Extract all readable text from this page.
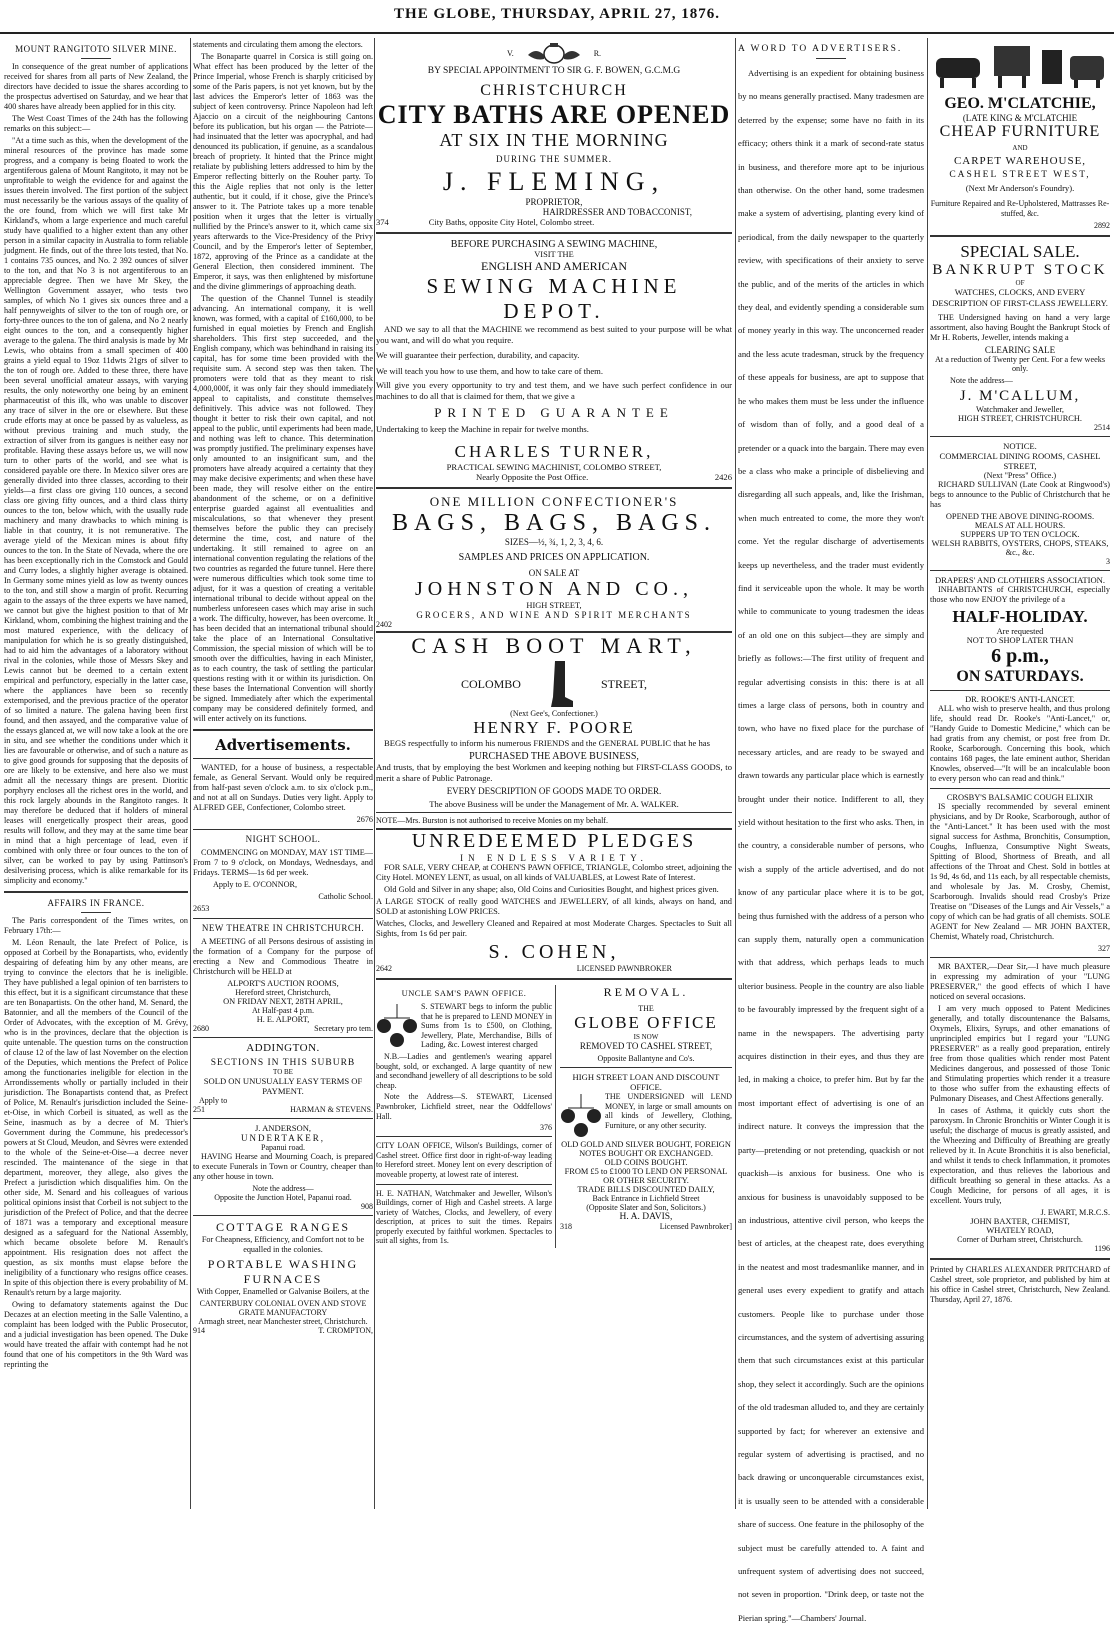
THE GLOBE, THURSDAY, APRIL 27, 1876.
MOUNT RANGITOTO SILVER MINE.

In consequence of the great number of applications received for shares from all parts of New Zealand, the directors have decided to issue the shares according to the prospectus advertised on Saturday, and we hear that 400 shares have already been applied for in this city.

The West Coast Times of the 24th has the following remarks on this subject:—

"At a time such as this, when the development of the mineral resources of the province has made some progress, and a company is being floated to work the argentiferous galena of Mount Rangitoto, it may not be unprofitable to weigh the evidence for and against the issues therein involved. The first portion of the subject must necessarily be the various assays of the quality of the ore found, from which we will first take Mr Kirkland's, whom a large experience and much careful study have qualified to a higher extent than any other person in a similar capacity in Australia to form reliable judgment. He finds, out of the three lots tested, that No. 1 contains 735 ounces, and No. 2 392 ounces of silver to the ton, and that No 3 is not argentiferous to an appreciable degree. Then we have Mr Skey, the Wellington Government assayer, who tests two samples, of which No 1 gives six ounces three and a half pennyweights of silver to the ton of rough ore, or forty-three ounces to the ton of galena, and No 2 nearly eight ounces to the ton, and a consequently higher average to the galena. The third analysis is made by Mr Lewis, who obtains from a small specimen of 400 grains a yield equal to 19oz 11dwts 21grs of silver to the ton of rough ore. Added to these three, there have been several unofficial amateur assays, with varying results, the only noteworthy one being by an eminent pharmaceutist of this ilk, who was unable to discover any trace of silver in the ore or elsewhere. But these crude efforts may at once be passed by as valueless, as without previous training and much study, the extraction of silver from its gangues is neither easy nor profitable. Having these assays before us, we will now turn to other parts of the world, and see what is considered payable ore there. In Mexico silver ores are generally divided into three classes, according to their yields—a first class ore giving 110 ounces, a second class ore giving fifty ounces, and a third class thirty ounces to the ton, below which, with the usually rude machinery and many drawbacks to which mining is liable in that country, it is not remunerative. The average yield of the Mexican mines is about fifty ounces to the ton. In the State of Nevada, where the ore has been exceptionally rich in the Comstock and Gould and Curry lodes, a slightly higher average is obtained. In Germany some mines yield as low as twenty ounces to the ton, and still show a margin of profit. Recurring again to the assays of the three experts we have named, we cannot but give the highest position to that of Mr Kirkland, whom, combining the highest training and the most matured experience, with the delicacy of manipulation for which he is so greatly distinguished, had to aid him the advantages of a laboratory without rival in the colonies, while those of Messrs Skey and Lewis cannot but be deemed to a certain extent empirical and perfunctory, especially in the latter case, where the appliances have been so recently extemporised, and the previous practice of the operator of so limited a nature. The galena having been first found, and then assayed, and the comparative value of the essays glanced at, we will now take a look at the ore in situ, and see whether the conditions under which it lies are favourable or otherwise, and of such a nature as to give good grounds for supposing that the deposits of ore are likely to be extensive, and here also we must admit all the necessary things are present. Dioritic porphyry encloses all the richest ores in the world, and this rock largely abounds in the Rangitoto ranges. It may therefore be deduced that if holders of mineral leases will energetically prospect their areas, good results will follow, and they may at the same time bear in mind that a high percentage of lead, even if combined with only three or four ounces to the ton of silver, can be worked to pay by using Pattinson's desilverising process, which is alike remarkable for its simplicity and economy."

AFFAIRS IN FRANCE.

The Paris correspondent of the Times writes, on February 17th:—

M. Léon Renault, the late Prefect of Police, is opposed at Corbeil by the Bonapartists, who, evidently despairing of defeating him by any other means, are trying to convince the electors that he is ineligible. They have published a legal opinion of ten barristers to this effect, but it is a significant circumstance that these are ten Bonapartists. On the other hand, M. Senard, the Batonnier, and all the members of the Council of the Order of Advocates, with the exception of M. Grévy, who is in the provinces, declare that the objection is quite untenable. The question turns on the construction of clause 12 of the law of last November on the election of the Deputies, which mentions the Prefect of Police among the functionaries ineligible for election in the Arrondissements wholly or partially included in their jurisdiction. The Bonapartists contend that, as Prefect of Police, M. Renault's jurisdiction included the Seine-et-Oise, in which Corbeil is situated, as well as the Seine, inasmuch as by a decree of M. Thier's Government during the Commune, his predecessor's powers at St Cloud, Meudon, and Sèvres were extended to the whole of the Seine-et-Oise—a decree never rescinded. The maintenance of the siege in that department, moreover, they allege, also gives the Prefect a jurisdiction which disqualifies him. On the other side, M. Senard and his colleagues of various political opinions insist that Corbeil is not subject to the jurisdiction of the Prefect of Police, and that the decree of 1871 was a temporary and exceptional measure designed as a safeguard for the National Assembly, which became obsolete before M. Renault's appointment. His resignation does not affect the question, as six months must elapse before the ineligibility of a functionary who resigns office ceases. In spite of this objection there is every probability of M. Renault's return by a large majority.

Owing to defamatory statements against the Duc Decazes at an election meeting in the Salle Valentino, a complaint has been lodged with the Public Prosecutor, and a judicial investigation has been opened. The Duke would have treated the affair with contempt had he not found that one of his competitors in the 9th Ward was reprinting the

statements and circulating them among the electors.

The Bonaparte quarrel in Corsica is still going on. What effect has been produced by the letter of the Prince Imperial, whose French is sharply criticised by some of the Paris papers, is not yet known, but by the last advices the Emperor's letter of 1863 was the subject of keen controversy. Prince Napoleon had left Ajaccio on a circuit of the neighbouring Cantons before its publication, but his organ — the Patriote—had insinuated that the letter was apocryphal, and had denounced its publication, if genuine, as a scandalous breach of propriety. It hinted that the Prince might retaliate by publishing letters addressed to him by the Emperor reflecting bitterly on the Rouher party. To this the Aigle replies that not only is the letter authentic, but it could, if it chose, give the Prince's answer to it. The Patriote takes up a more tenable position when it urges that the letter is virtually nullified by the Prince's answer to it, which came six years afterwards to the Vice-Presidency of the Privy Council, and by the Emperor's letter of September, 1872, approving of the Prince as a candidate at the General Election, then considered imminent. The Emperor, it says, was then enlightened by misfortune and the divine glimmerings of approaching death.

The question of the Channel Tunnel is steadily advancing. An international company, it is well known, was formed, with a capital of £160,000, to be furnished in equal moieties by French and English shareholders. This first step succeeded, and the English company, which was behindhand in raising its capital, has for some time been provided with the requisite sum. A second step was then taken. The promoters were told that as they meant to risk 4,000,000f, it was only fair they should immediately appeal to capitalists, and constitute themselves definitively. This advice was not followed. They thought it better to risk their own capital, and not appeal to the public, until experiments had been made, and nothing was left to chance. This determination was promptly justified. The preliminary expenses have only amounted to an insignificant sum, and the promoters have already acquired a certainty that they may make decisive experiments; and when these have been made, they will resolve either on the entire abandonment of the scheme, or on a definitive enterprise guarded against all eventualities and miscalculations, so that whenever they present themselves before the public they can precisely determine the time, cost, and nature of the undertaking. It still remained to agree on an international convention regulating the relations of the two countries as regarded the future tunnel. Here there were numerous difficulties which took some time to adjust, for it was a question of creating a veritable international tribunal to decide without appeal on the numberless unforeseen cases which may arise in such a work. The difficulty, however, has been overcome. It has been decided that an international tribunal should take the place of an International Consultative Commission, the special mission of which will be to smooth over the difficulties, having in each Minister, as to each country, the task of settling the particular questions resting with it or within its jurisdiction. On these bases the International Convention will shortly be signed. Immediately after which the experimental company may be considered definitely formed, and will enter actively on its functions.

Advertisements.

WANTED, for a house of business, a respectable female, as General Servant. Would only be required from half-past seven o'clock a.m. to six o'clock p.m., and not at all on Sundays. Duties very light. Apply to ALFRED GEE, Confectioner, Colombo street.

2676

NIGHT SCHOOL.

COMMENCING on MONDAY, MAY 1ST TIME—From 7 to 9 o'clock, on Mondays, Wednesdays, and Fridays. TERMS—1s 6d per week.

Apply to E. O'CONNOR,

Catholic School.

2653

NEW THEATRE IN CHRISTCHURCH.

A MEETING of all Persons desirous of assisting in the formation of a Company for the purpose of erecting a New and Commodious Theatre in Christchurch will be HELD at

ALPORT'S AUCTION ROOMS,
Hereford street, Christchurch,
ON FRIDAY NEXT, 28TH APRIL,
At Half-past 4 p.m.
H. E. ALPORT,
2680	Secretary pro tem.
ADDINGTON.
SECTIONS IN THIS SUBURB
TO BE
SOLD ON UNUSUALLY EASY TERMS OF PAYMENT.
Apply to
251	HARMAN & STEVENS.
J. ANDERSON,
UNDERTAKER,
Papanui road.

HAVING Hearse and Mourning Coach, is prepared to execute Funerals in Town or Country, cheaper than any other house in town.

Note the address—
Opposite the Junction Hotel, Papanui road.
908
COTTAGE RANGES

For Cheapness, Efficiency, and Comfort not to be equalled in the colonies.

PORTABLE WASHING FURNACES

With Copper, Enamelled or Galvanise Boilers, at the

CANTERBURY COLONIAL OVEN AND STOVE GRATE MANUFACTORY
Armagh street, near Manchester street, Christchurch.
914	T. CROMPTON,
V.	R.
BY SPECIAL APPOINTMENT TO SIR G. F. BOWEN, G.C.M.G
CHRISTCHURCH
CITY BATHS ARE OPENED
AT SIX IN THE MORNING
DURING THE SUMMER.
J. FLEMING,
PROPRIETOR,
HAIRDRESSER AND TOBACCONIST,
374	City Baths, opposite City Hotel, Colombo street.
BEFORE PURCHASING A SEWING MACHINE,
VISIT THE
ENGLISH AND AMERICAN
SEWING MACHINE DEPOT.

AND we say to all that the MACHINE we recommend as best suited to your purpose will be what you want, and will do what you require.

We will guarantee their perfection, durability, and capacity.

We will teach you how to use them, and how to take care of them.

Will give you every opportunity to try and test them, and we have such perfect confidence in our machines to do all that is claimed for them, that we give a

PRINTED GUARANTEE

Undertaking to keep the Machine in repair for twelve months.

CHARLES TURNER,
PRACTICAL SEWING MACHINIST, COLOMBO STREET,
Nearly Opposite the Post Office.	2426
ONE MILLION CONFECTIONER'S
BAGS, BAGS, BAGS.
SIZES—½, ¾, 1, 2, 3, 4, 6.
SAMPLES AND PRICES ON APPLICATION.
ON SALE AT
JOHNSTON AND CO.,
HIGH STREET,
GROCERS, AND WINE AND SPIRIT MERCHANTS
2402
CASH BOOT MART,
COLOMBO	STREET,
(Next Gee's, Confectioner.)
HENRY F. POORE

BEGS respectfully to inform his numerous FRIENDS and the GENERAL PUBLIC that he has

PURCHASED THE ABOVE BUSINESS,

And trusts, that by employing the best Workmen and keeping nothing but FIRST-CLASS GOODS, to merit a share of Public Patronage.

EVERY DESCRIPTION OF GOODS MADE TO ORDER.
The above Business will be under the Management of Mr. A. WALKER.
NOTE—Mrs. Burston is not authorised to receive Monies on my behalf.
UNREDEEMED PLEDGES
IN ENDLESS VARIETY.

FOR SALE, VERY CHEAP, at COHEN'S PAWN OFFICE, TRIANGLE, Colombo street, adjoining the City Hotel. MONEY LENT, as usual, on all kinds of VALUABLES, at Lowest Rate of Interest.

Old Gold and Silver in any shape; also, Old Coins and Curiosities Bought, and highest prices given.

A LARGE STOCK of really good WATCHES and JEWELLERY, of all kinds, always on hand, and SOLD at astonishing LOW PRICES.

Watches, Clocks, and Jewellery Cleaned and Repaired at most Moderate Charges. Spectacles to Suit all Sights, from 1s 6d per pair.

S. COHEN,
2642	LICENSED PAWNBROKER
UNCLE SAM'S PAWN OFFICE.

S. STEWART begs to inform the public that he is prepared to LEND MONEY in Sums from 1s to £500, on Clothing, Jewellery, Plate, Merchandise, Bills of Lading, &c. Lowest interest charged

N.B.—Ladies and gentlemen's wearing apparel bought, sold, or exchanged. A large quantity of new and secondhand jewellery of all descriptions to be sold cheap.

Note the Address—S. STEWART, Licensed Pawnbroker, Lichfield street, near the Oddfellows' Hall.

376

CITY LOAN OFFICE, Wilson's Buildings, corner of Cashel street. Office first door in right-of-way leading to Hereford street. Money lent on every description of moveable property, at lowest rate of interest.

H. E. NATHAN, Watchmaker and Jeweller, Wilson's Buildings, corner of High and Cashel streets. A large variety of Watches, Clocks, and Jewellery, of every description, at prices to suit the times. Repairs properly executed by faithful workmen. Spectacles to suit all sights, from 1s.

REMOVAL.
THE
GLOBE OFFICE
IS NOW
REMOVED TO CASHEL STREET,
Opposite Ballantyne and Co's.
HIGH STREET LOAN AND DISCOUNT OFFICE.

THE UNDERSIGNED will LEND MONEY, in large or small amounts on all kinds of Jewellery, Clothing, Furniture, or any other security.

OLD GOLD AND SILVER BOUGHT, FOREIGN NOTES BOUGHT OR EXCHANGED.
OLD COINS BOUGHT.
FROM £5 to £1000 TO LEND ON PERSONAL OR OTHER SECURITY.
TRADE BILLS DISCOUNTED DAILY,
Back Entrance in Lichfield Street
(Opposite Slater and Son, Solicitors.)
H. A. DAVIS,
318	Licensed Pawnbroker]
A WORD TO ADVERTISERS.

Advertising is an expedient for obtaining business by no means generally practised. Many tradesmen are deterred by the expense; some have no faith in its efficacy; others think it a mark of second-rate status in business, and therefore more apt to be injurious than otherwise. On the other hand, some tradesmen make a system of advertising, planting every kind of periodical, from the daily newspaper to the quarterly review, with specifications of their anxiety to serve the public, and of the merits of the articles in which they deal, and evidently spending a considerable sum of money yearly in this way. The unconcerned reader and the less acute tradesman, struck by the frequency of these appeals for business, are apt to suppose that he who makes them must be less under the influence of wisdom than of folly, and a good deal of a pretender or a quack into the bargain. There may even be a class who make a principle of disbelieving and disregarding all such appeals, and, like the Irishman, when much entreated to come, the more they won't come. Yet the regular discharge of advertisements keeps up nevertheless, and the trader must evidently find it serviceable upon the whole. It may be worth while to communicate to young tradesmen the ideas of an old one on this subject—they are simply and briefly as follows:—The first utility of frequent and regular advertising consists in this: there is at all times a large class of persons, both in country and town, who have no fixed place for the purchase of necessary articles, and are ready to be swayed and drawn towards any particular place which is earnestly brought under their notice. Indifferent to all, they yield without hesitation to the first who asks. Then, in the country, a considerable number of persons, who wish a supply of the article advertised, and do not know of any particular place where it is to be got, being thus furnished with the address of a person who can supply them, naturally open a communication with that address, which perhaps leads to much ulterior business. People in the country are also liable to be favourably impressed by the frequent sight of a name in the newspapers. The advertising party acquires distinction in their eyes, and thus they are led, in making a choice, to prefer him. But by far the most important effect of advertising is one of an indirect nature. It conveys the impression that the party—pretending or not pretending, quackish or not quackish—is anxious for business. One who is anxious for business is unavoidably supposed to be an industrious, attentive civil person, who keeps the best of articles, at the cheapest rate, does everything in the neatest and most tradesmanlike manner, and in general uses every expedient to gratify and attach customers. People like to purchase under those circumstances, and the system of advertising assuring them that such circumstances exist at this particular shop, they select it accordingly. Such are the opinions of the old tradesman alluded to, and they are certainly supported by fact; for wherever an extensive and regular system of advertising is practised, and no back drawing or unconquerable circumstances exist, it is usually seen to be attended with a considerable share of success. One feature in the philosophy of the subject must be carefully attended to. A faint and unfrequent system of advertising does not succeed, not seven in proportion. "Drink deep, or taste not the Pierian spring."—Chambers' Journal.

GEO. M'CLATCHIE,
(LATE KING & M'CLATCHIE
CHEAP FURNITURE
AND
CARPET WAREHOUSE,
CASHEL STREET WEST,
(Next Mr Anderson's Foundry).

Furniture Repaired and Re-Upholstered, Mattrasses Re-stuffed, &c.

2892
SPECIAL SALE.
BANKRUPT STOCK
OF
WATCHES, CLOCKS, AND EVERY DESCRIPTION OF FIRST-CLASS JEWELLERY.

THE Undersigned having on hand a very large assortment, also having Bought the Bankrupt Stock of Mr H. Roberts, Jeweller, intends making a

CLEARING SALE
At a reduction of Twenty per Cent. For a few weeks only.
Note the address—
J. M'CALLUM,
Watchmaker and Jeweller,
HIGH STREET, CHRISTCHURCH.
2514
NOTICE.
COMMERCIAL DINING ROOMS, CASHEL STREET,
(Next "Press" Office.)

RICHARD SULLIVAN (Late Cook at Ringwood's) begs to announce to the Public of Christchurch that he has

OPENED THE ABOVE DINING-ROOMS.
MEALS AT ALL HOURS.
SUPPERS UP TO TEN O'CLOCK.
WELSH RABBITS, OYSTERS, CHOPS, STEAKS, &c., &c.
3
DRAPERS' AND CLOTHIERS ASSOCIATION.

INHABITANTS of CHRISTCHURCH, especially those who now ENJOY the privilege of a

HALF-HOLIDAY.
Are requested
NOT TO SHOP LATER THAN
6 p.m.,
ON SATURDAYS.
DR. ROOKE'S ANTI-LANCET.

ALL who wish to preserve health, and thus prolong life, should read Dr. Rooke's "Anti-Lancet," or, "Handy Guide to Domestic Medicine," which can be had gratis from any chemist, or post free from Dr. Rooke, Scarborough. Concerning this book, which contains 168 pages, the late eminent author, Sheridan Knowles, observed—"It will be an incalculable boon to every person who can read and think."

CROSBY'S BALSAMIC COUGH ELIXIR

IS specially recommended by several eminent physicians, and by Dr Rooke, Scarborough, author of the "Anti-Lancet." It has been used with the most signal success for Asthma, Bronchitis, Consumption, Coughs, Influenza, Consumptive Night Sweats, Spitting of Blood, Shortness of Breath, and all affections of the Throat and Chest. Sold in bottles at 1s 9d, 4s 6d, and 11s each, by all respectable chemists, and wholesale by Jas. M. Crosby, Chemist, Scarborough. Invalids should read Crosby's Prize Treatise on "Diseases of the Lungs and Air Vessels," a copy of which can be had gratis of all chemists. SOLE AGENT for New Zealand — MR JOHN BAXTER, Chemist, Whately road, Christchurch.

327

MR BAXTER,—Dear Sir,—I have much pleasure in expressing my admiration of your "LUNG PRESERVER," the good effects of which I have noticed on several occasions.

I am very much opposed to Patent Medicines generally, and totally discountenance the Balsams, Oxymels, Elixirs, Syrups, and other emanations of unprincipled empirics but I regard your "LUNG PRESERVER" as a really good preparation, entirely free from those qualities which render most Patent Medicines dangerous, and possessed of those Tonic and Stimulating properties which render it a treasure to those who suffer from the exhausting effects of Pulmonary Diseases, and Chest Affections generally.

In cases of Asthma, it quickly cuts short the paroxysm. In Chronic Bronchitis or Winter Cough it is useful; the discharge of mucus is greatly assisted, and the Wheezing and Difficulty of Breathing are greatly relieved by it. In Acute Bronchitis it is also beneficial, and whilst it tends to check Inflammation, it promotes expectoration, and thus relieves the laborious and difficult breathing so general in these attacks. As a Cough Medicine, for persons of all ages, it is excellent. Yours truly,

J. EWART, M.R.C.S.
JOHN BAXTER, CHEMIST,
WHATELY ROAD,
Corner of Durham street, Christchurch.
1196

Printed by CHARLES ALEXANDER PRITCHARD of Cashel street, sole proprietor, and published by him at his office in Cashel street, Christchurch, New Zealand. Thursday, April 27, 1876.
